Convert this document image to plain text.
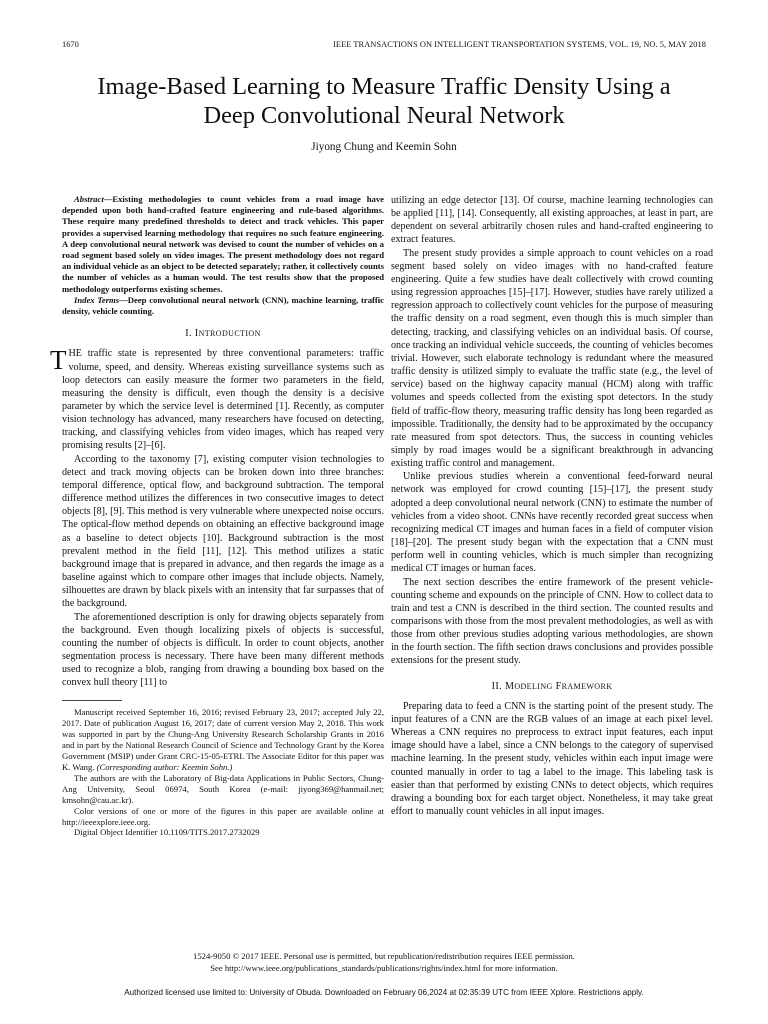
1670	IEEE TRANSACTIONS ON INTELLIGENT TRANSPORTATION SYSTEMS, VOL. 19, NO. 5, MAY 2018
Image-Based Learning to Measure Traffic Density Using a
Deep Convolutional Neural Network
Jiyong Chung and Keemin Sohn

Abstract—Existing methodologies to count vehicles from a road image have depended upon both hand-crafted feature engineering and rule-based algorithms. These require many predefined thresholds to detect and track vehicles. This paper provides a supervised learning methodology that requires no such feature engineering. A deep convolutional neural network was devised to count the number of vehicles on a road segment based solely on video images. The present methodology does not regard an individual vehicle as an object to be detected separately; rather, it collectively counts the number of vehicles as a human would. The test results show that the proposed methodology outperforms existing schemes.

Index Terms—Deep convolutional neural network (CNN), machine learning, traffic density, vehicle counting.

I. INTRODUCTION

THE traffic state is represented by three conventional parameters: traffic volume, speed, and density. Whereas existing surveillance systems such as loop detectors can easily measure the former two parameters in the field, measuring the density is difficult, even though the density is a decisive parameter by which the service level is determined [1]. Recently, as computer vision technology has advanced, many researchers have focused on detecting, tracking, and classifying vehicles from video images, which has reaped very promising results [2]–[6].

According to the taxonomy [7], existing computer vision technologies to detect and track moving objects can be broken down into three branches: temporal difference, optical flow, and background subtraction. The temporal difference method utilizes the differences in two consecutive images to detect objects [8], [9]. This method is very vulnerable where unexpected noise occurs. The optical-flow method depends on obtaining an effective background image as a baseline to detect objects [10]. Background subtraction is the most prevalent method in the field [11], [12]. This method utilizes a static background image that is prepared in advance, and then regards the image as a baseline against which to compare other images that include objects. Namely, silhouettes are drawn by black pixels with an intensity that far surpasses that of the background.

The aforementioned description is only for drawing objects separately from the background. Even though localizing pixels of objects is successful, counting the number of objects is difficult. In order to count objects, another segmentation process is necessary. There have been many different methods used to recognize a blob, ranging from drawing a bounding box based on the convex hull theory [11] to

Manuscript received September 16, 2016; revised February 23, 2017; accepted July 22, 2017. Date of publication August 16, 2017; date of current version May 2, 2018. This work was supported in part by the Chung-Ang University Research Scholarship Grants in 2016 and in part by the National Research Council of Science and Technology Grant by the Korea Government (MSIP) under Grant CRC-15-05-ETRI. The Associate Editor for this paper was K. Wang. (Corresponding author: Keemin Sohn.)

The authors are with the Laboratory of Big-data Applications in Public Sectors, Chung-Ang University, Seoul 06974, South Korea (e-mail: jiyong369@hanmail.net; kmsohn@cau.ac.kr).

Color versions of one or more of the figures in this paper are available online at http://ieeexplore.ieee.org.

Digital Object Identifier 10.1109/TITS.2017.2732029

utilizing an edge detector [13]. Of course, machine learning technologies can be applied [11], [14]. Consequently, all existing approaches, at least in part, are dependent on several arbitrarily chosen rules and hand-crafted engineering to extract features.

The present study provides a simple approach to count vehicles on a road segment based solely on video images with no hand-crafted feature engineering. Quite a few studies have dealt collectively with crowd counting using regression approaches [15]–[17]. However, studies have rarely utilized a regression approach to collectively count vehicles for the purpose of measuring the traffic density on a road segment, even though this is much simpler than detecting, tracking, and classifying vehicles on an individual basis. Of course, once tracking an individual vehicle succeeds, the counting of vehicles becomes trivial. However, such elaborate technology is redundant where the measured traffic density is utilized simply to evaluate the traffic state (e.g., the level of service) based on the highway capacity manual (HCM) along with traffic volumes and speeds collected from the existing spot detectors. In the study field of traffic-flow theory, measuring traffic density has long been regarded as impossible. Traditionally, the density had to be approximated by the occupancy rate measured from spot detectors. Thus, the success in counting vehicles simply by road images would be a significant breakthrough in advancing existing traffic control and management.

Unlike previous studies wherein a conventional feed-forward neural network was employed for crowd counting [15]–[17], the present study adopted a deep convolutional neural network (CNN) to estimate the number of vehicles from a video shoot. CNNs have recently recorded great success when recognizing medical CT images and human faces in a field of computer vision [18]–[20]. The present study began with the expectation that a CNN must perform well in counting vehicles, which is much simpler than recognizing medical CT images or human faces.

The next section describes the entire framework of the present vehicle-counting scheme and expounds on the principle of CNN. How to collect data to train and test a CNN is described in the third section. The counted results and comparisons with those from the most prevalent methodologies, as well as with those from other previous studies adopting various methodologies, are shown in the fourth section. The fifth section draws conclusions and provides possible extensions for the present study.

II. MODELING FRAMEWORK

Preparing data to feed a CNN is the starting point of the present study. The input features of a CNN are the RGB values of an image at each pixel level. Whereas a CNN requires no preprocess to extract input features, each input image should have a label, since a CNN belongs to the category of supervised machine learning. In the present study, vehicles within each input image were counted manually in order to tag a label to the image. This labeling task is easier than that performed by existing CNNs to detect objects, which requires drawing a bounding box for each target object. Nonetheless, it may take great effort to manually count vehicles in all input images.

1524-9050 © 2017 IEEE. Personal use is permitted, but republication/redistribution requires IEEE permission.
See http://www.ieee.org/publications_standards/publications/rights/index.html for more information.
Authorized licensed use limited to: University of Obuda. Downloaded on February 06,2024 at 02:35:39 UTC from IEEE Xplore. Restrictions apply.
